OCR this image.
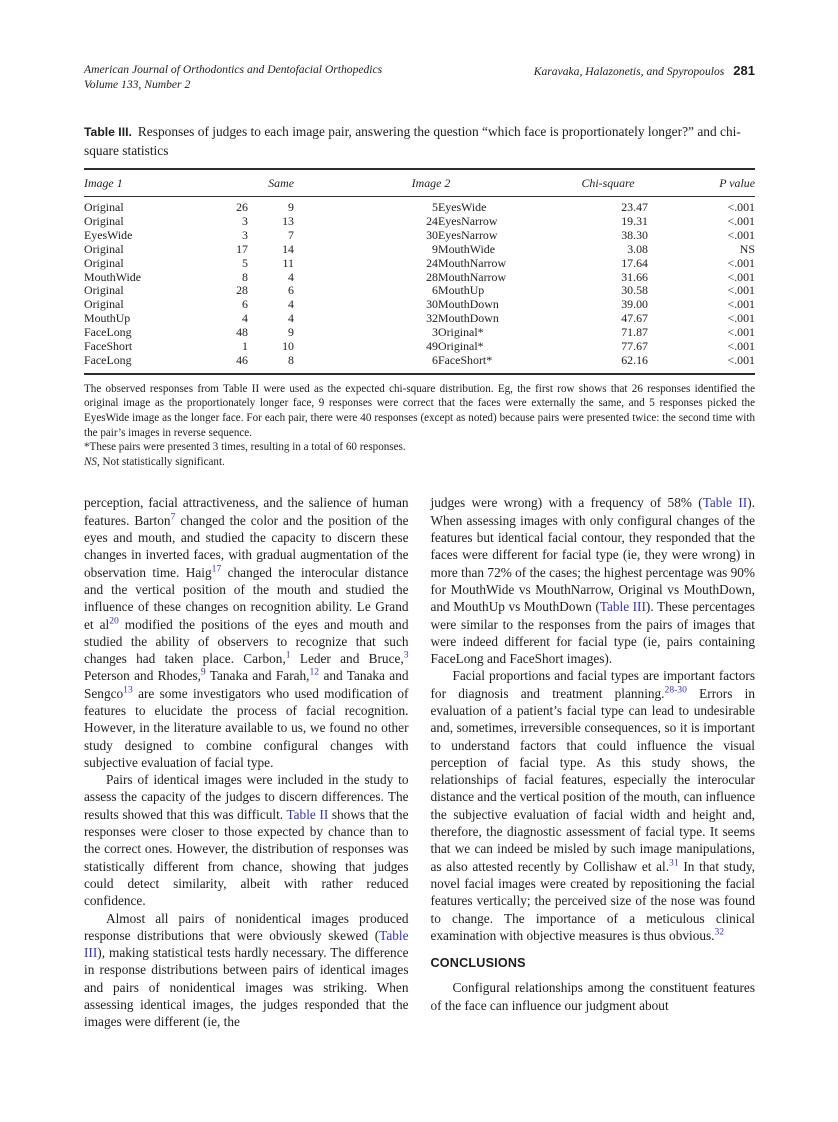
American Journal of Orthodontics and Dentofacial Orthopedics
Volume 133, Number 2
Karavaka, Halazonetis, and Spyropoulos 281
Table III. Responses of judges to each image pair, answering the question “which face is proportionately longer?” and chi-square statistics
Image 1		Same	Image 2		Chi-square	P value
Original	26	9	5	EyesWide	23.47	<.001
Original	3	13	24	EyesNarrow	19.31	<.001
EyesWide	3	7	30	EyesNarrow	38.30	<.001
Original	17	14	9	MouthWide	3.08	NS
Original	5	11	24	MouthNarrow	17.64	<.001
MouthWide	8	4	28	MouthNarrow	31.66	<.001
Original	28	6	6	MouthUp	30.58	<.001
Original	6	4	30	MouthDown	39.00	<.001
MouthUp	4	4	32	MouthDown	47.67	<.001
FaceLong	48	9	3	Original*	71.87	<.001
FaceShort	1	10	49	Original*	77.67	<.001
FaceLong	46	8	6	FaceShort*	62.16	<.001

The observed responses from Table II were used as the expected chi-square distribution. Eg, the first row shows that 26 responses identified the original image as the proportionately longer face, 9 responses were correct that the faces were externally the same, and 5 responses picked the EyesWide image as the longer face. For each pair, there were 40 responses (except as noted) because pairs were presented twice: the second time with the pair’s images in reverse sequence.

*These pairs were presented 3 times, resulting in a total of 60 responses.

NS, Not statistically significant.

perception, facial attractiveness, and the salience of human features. Barton$^7$ changed the color and the position of the eyes and mouth, and studied the capacity to discern these changes in inverted faces, with gradual augmentation of the observation time. Haig$^{17}$ changed the interocular distance and the vertical position of the mouth and studied the influence of these changes on recognition ability. Le Grand et al$^{20}$ modified the positions of the eyes and mouth and studied the ability of observers to recognize that such changes had taken place. Carbon,$^1$ Leder and Bruce,$^3$ Peterson and Rhodes,$^9$ Tanaka and Farah,$^{12}$ and Tanaka and Sengco$^{13}$ are some investigators who used modification of features to elucidate the process of facial recognition. However, in the literature available to us, we found no other study designed to combine configural changes with subjective evaluation of facial type.

Pairs of identical images were included in the study to assess the capacity of the judges to discern differences. The results showed that this was difficult. Table II shows that the responses were closer to those expected by chance than to the correct ones. However, the distribution of responses was statistically different from chance, showing that judges could detect similarity, albeit with rather reduced confidence.

Almost all pairs of nonidentical images produced response distributions that were obviously skewed (Table III), making statistical tests hardly necessary. The difference in response distributions between pairs of identical images and pairs of nonidentical images was striking. When assessing identical images, the judges responded that the images were different (ie, the

judges were wrong) with a frequency of 58% (Table II). When assessing images with only configural changes of the features but identical facial contour, they responded that the faces were different for facial type (ie, they were wrong) in more than 72% of the cases; the highest percentage was 90% for MouthWide vs MouthNarrow, Original vs MouthDown, and MouthUp vs MouthDown (Table III). These percentages were similar to the responses from the pairs of images that were indeed different for facial type (ie, pairs containing FaceLong and FaceShort images).

Facial proportions and facial types are important factors for diagnosis and treatment planning.$^{28-30}$ Errors in evaluation of a patient’s facial type can lead to undesirable and, sometimes, irreversible consequences, so it is important to understand factors that could influence the visual perception of facial type. As this study shows, the relationships of facial features, especially the interocular distance and the vertical position of the mouth, can influence the subjective evaluation of facial width and height and, therefore, the diagnostic assessment of facial type. It seems that we can indeed be misled by such image manipulations, as also attested recently by Collishaw et al.$^{31}$ In that study, novel facial images were created by repositioning the facial features vertically; the perceived size of the nose was found to change. The importance of a meticulous clinical examination with objective measures is thus obvious.$^{32}$

CONCLUSIONS

Configural relationships among the constituent features of the face can influence our judgment about
